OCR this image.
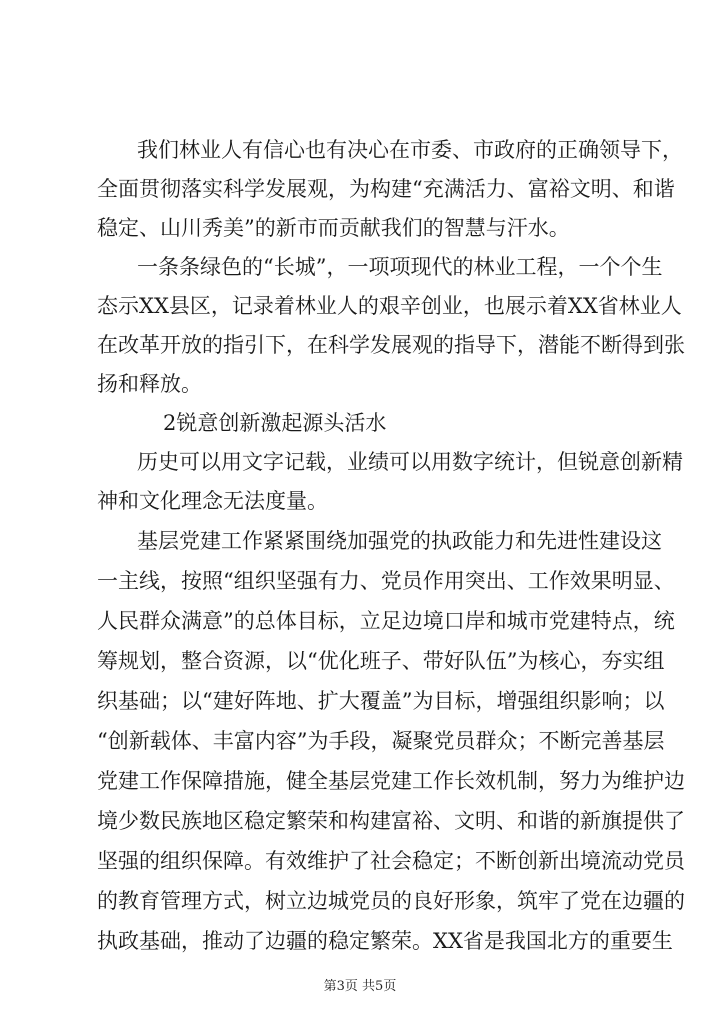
我们林业人有信心也有决心在市委、市政府的正确领导下，
全面贯彻落实科学发展观，为构建“充满活力、富裕文明、和谐
稳定、山川秀美”的新市而贡献我们的智慧与汗水。
一条条绿色的“长城”，一项项现代的林业工程，一个个生
态示XX县区，记录着林业人的艰辛创业，也展示着XX省林业人
在改革开放的指引下，在科学发展观的指导下，潜能不断得到张
扬和释放。
2锐意创新激起源头活水
历史可以用文字记载，业绩可以用数字统计，但锐意创新精
神和文化理念无法度量。
基层党建工作紧紧围绕加强党的执政能力和先进性建设这
一主线，按照“组织坚强有力、党员作用突出、工作效果明显、
人民群众满意”的总体目标，立足边境口岸和城市党建特点，统
筹规划，整合资源，以“优化班子、带好队伍”为核心，夯实组
织基础；以“建好阵地、扩大覆盖”为目标，增强组织影响；以
“创新载体、丰富内容”为手段，凝聚党员群众；不断完善基层
党建工作保障措施，健全基层党建工作长效机制，努力为维护边
境少数民族地区稳定繁荣和构建富裕、文明、和谐的新旗提供了
坚强的组织保障。有效维护了社会稳定；不断创新出境流动党员
的教育管理方式，树立边城党员的良好形象，筑牢了党在边疆的
执政基础，推动了边疆的稳定繁荣。XX省是我国北方的重要生
第3页 共5页
